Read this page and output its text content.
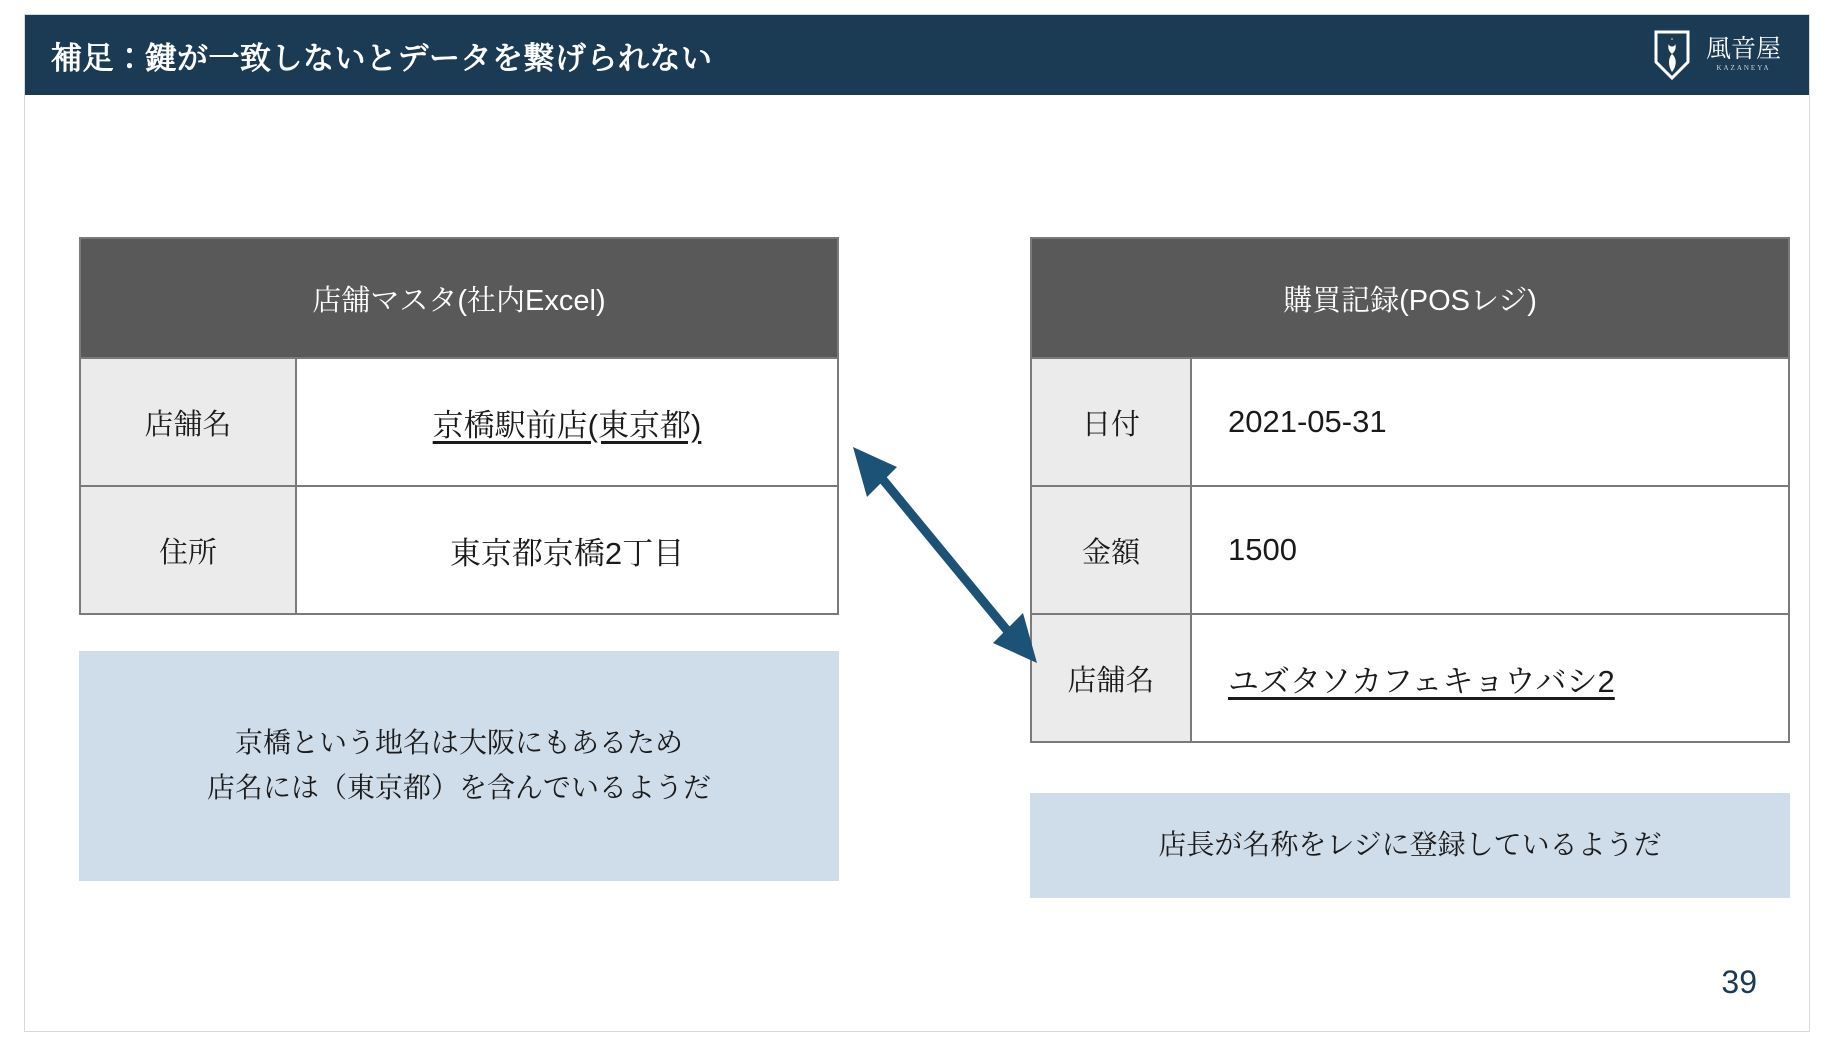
補足：鍵が一致しないとデータを繋げられない	風音屋
KAZANEYA
店舗マスタ(社内Excel)
店舗名	京橋駅前店(東京都)
住所	東京都京橋2丁目
購買記録(POSレジ)
日付	2021-05-31
金額	1500
店舗名	ユズタソカフェキョウバシ2
京橋という地名は大阪にもあるため
店名には（東京都）を含んでいるようだ
店長が名称をレジに登録しているようだ
39
